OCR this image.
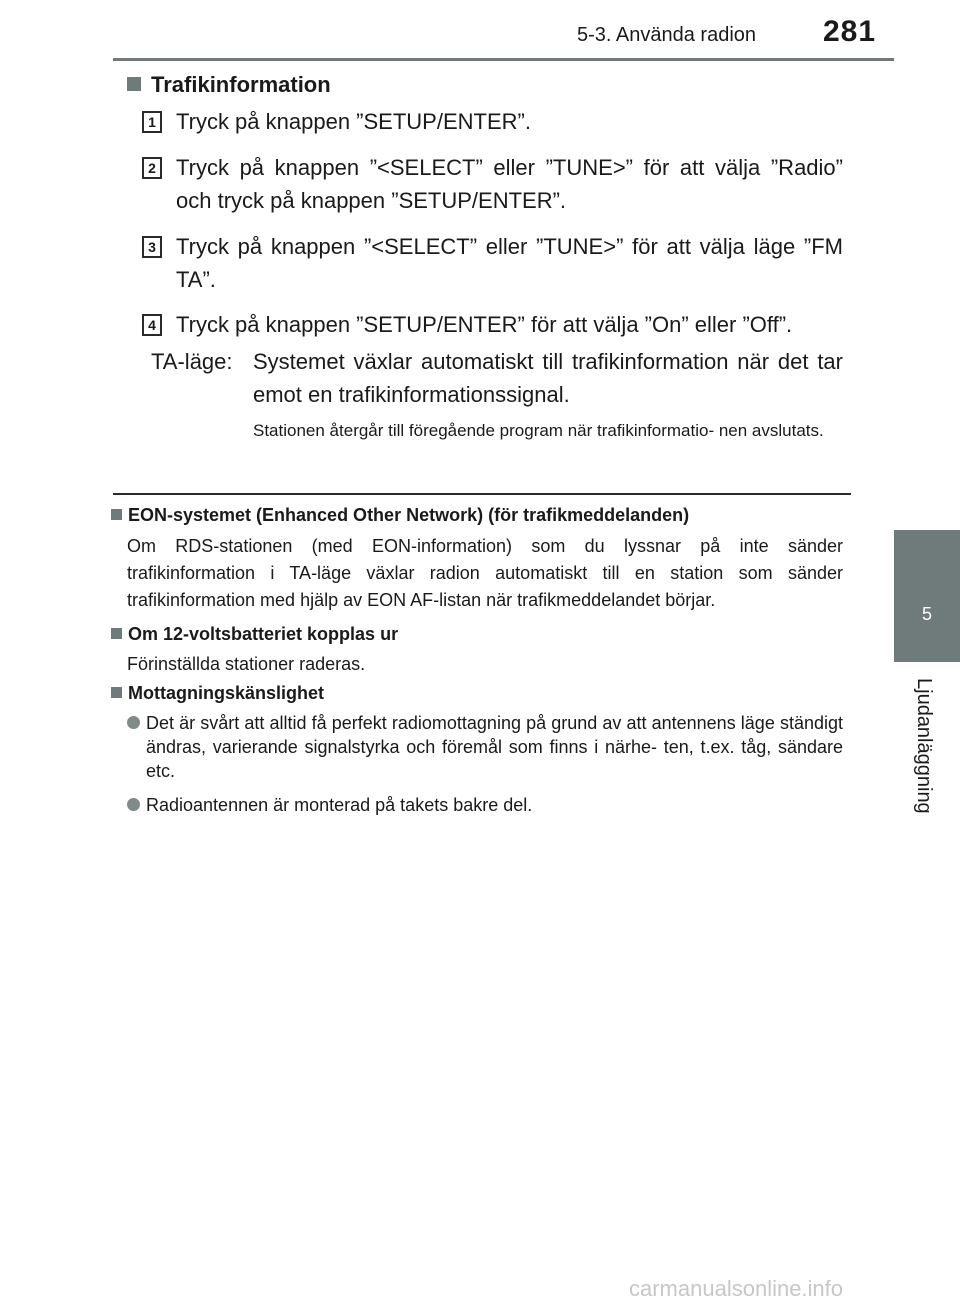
5-3. Använda radion 281
5
Ljudanläggning
Trafikinformation
1 Tryck på knappen ”SETUP/ENTER”.
2 Tryck på knappen ”<SELECT” eller ”TUNE>” för att välja ”Radio” och tryck på knappen ”SETUP/ENTER”.
3 Tryck på knappen ”<SELECT” eller ”TUNE>” för att välja läge ”FM TA”.
4 Tryck på knappen ”SETUP/ENTER” för att välja ”On” eller ”Off”.
TA-läge: Systemet växlar automatiskt till trafikinformation när det tar emot en trafikinformationssignal.
Stationen återgår till föregående program när trafikinformatio- nen avslutats.
EON-systemet (Enhanced Other Network) (för trafikmeddelanden)
Om RDS-stationen (med EON-information) som du lyssnar på inte sänder trafikinformation i TA-läge växlar radion automatiskt till en station som sänder trafikinformation med hjälp av EON AF-listan när trafikmeddelandet börjar.
Om 12-voltsbatteriet kopplas ur
Förinställda stationer raderas.
Mottagningskänslighet
Det är svårt att alltid få perfekt radiomottagning på grund av att antennens läge ständigt ändras, varierande signalstyrka och föremål som finns i närhe- ten, t.ex. tåg, sändare etc.
Radioantennen är monterad på takets bakre del.
carmanualsonline.info
